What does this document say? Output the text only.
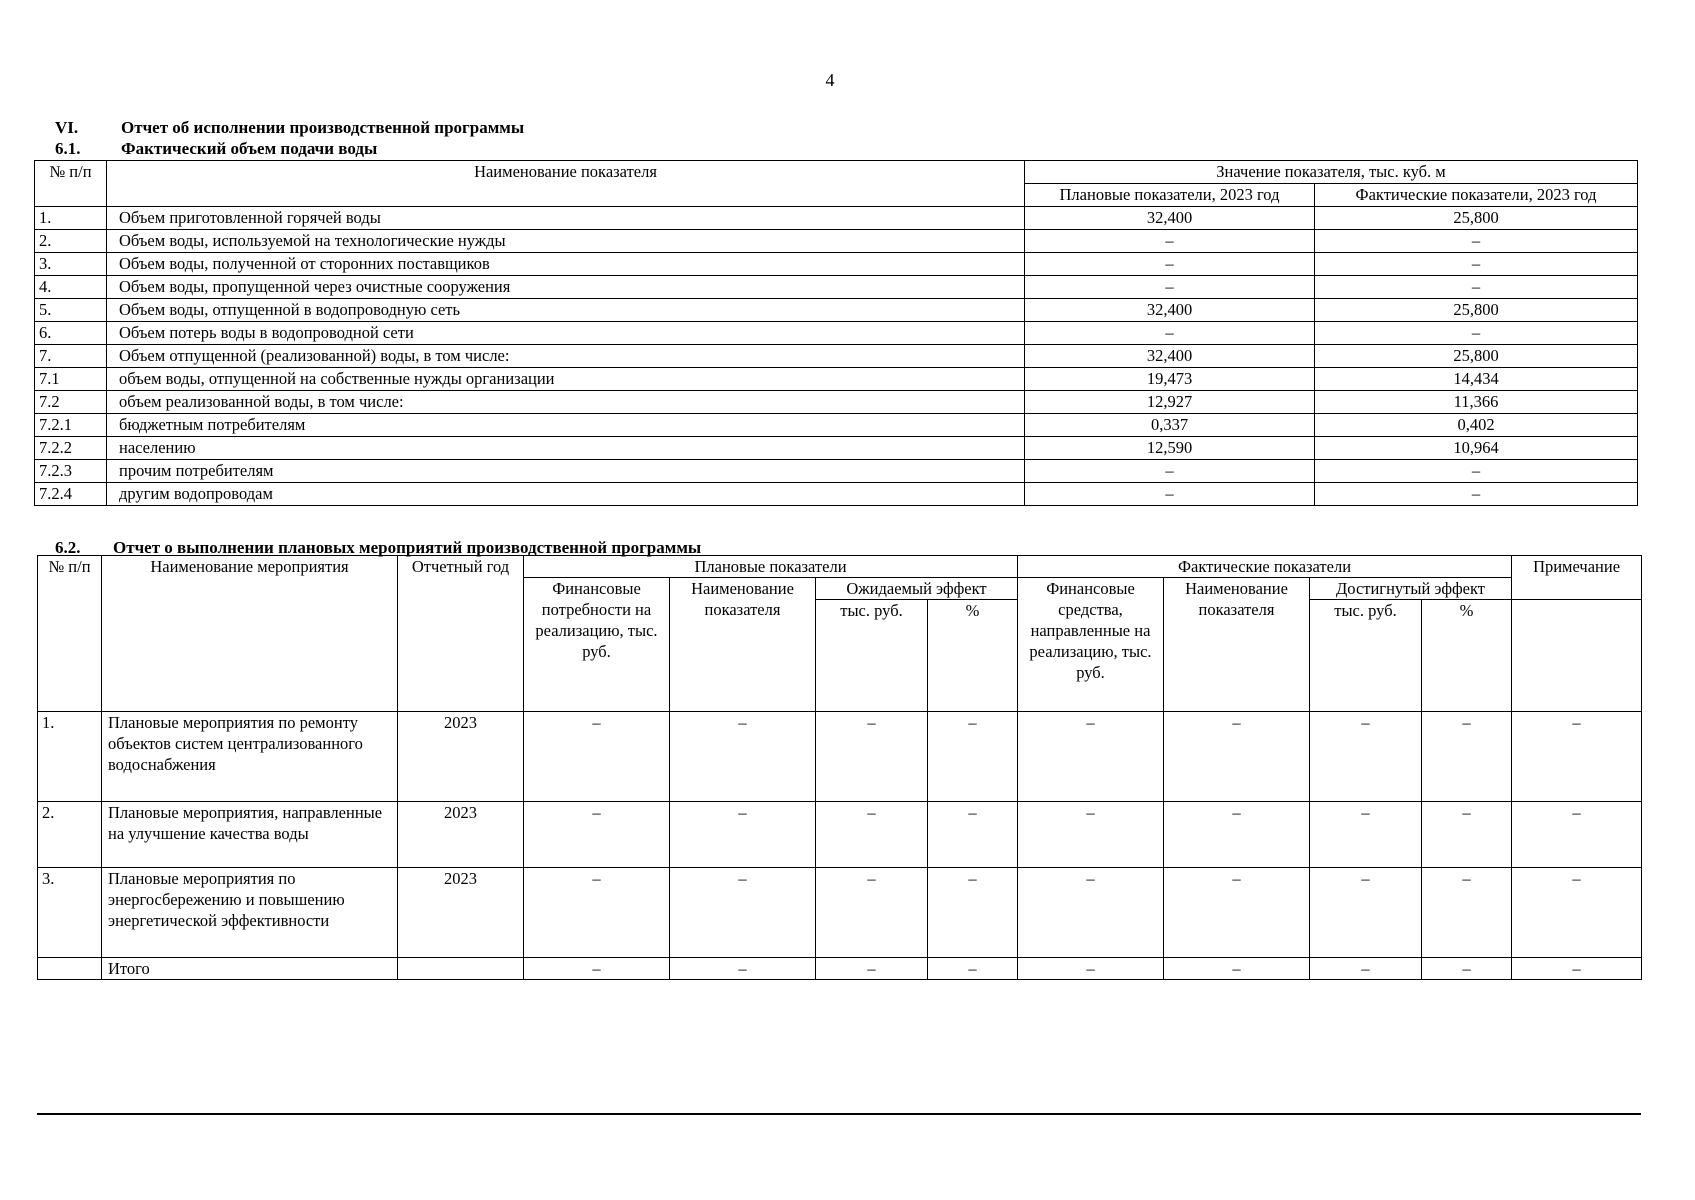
4
VI.	Отчет об исполнении производственной программы
6.1. Фактический объем подачи воды
№ п/п	Наименование показателя	Значение показателя, тыс. куб. м	
		Плановые показатели, 2023 год	Фактические показатели, 2023 год
1.	Объем приготовленной горячей воды	32,400	25,800
2.	Объем воды, используемой на технологические нужды	–	–
3.	Объем воды, полученной от сторонних поставщиков	–	–
4.	Объем воды, пропущенной через очистные сооружения	–	–
5.	Объем воды, отпущенной в водопроводную сеть	32,400	25,800
6.	Объем потерь воды в водопроводной сети	–	–
7.	Объем отпущенной (реализованной) воды, в том числе:	32,400	25,800
7.1	объем воды, отпущенной на собственные нужды организации	19,473	14,434
7.2	объем реализованной воды, в том числе:	12,927	11,366
7.2.1	бюджетным потребителям	0,337	0,402
7.2.2	населению	12,590	10,964
7.2.3	прочим потребителям	–	–
7.2.4	другим водопроводам	–	–
6.2. Отчет о выполнении плановых мероприятий производственной программы
№ п/п	Наименование мероприятия	Отчетный год	Плановые показатели				Фактические показатели				Примечание
			Финансовые потребности на реализацию, тыс. руб.	Наименование показателя	Ожидаемый эффект		Финансовые средства, направленные на реализацию, тыс. руб.	Наименование показателя	Достигнутый эффект		
					тыс. руб.	%			тыс. руб.	%	
1.	Плановые мероприятия по ремонту объектов систем централизованного водоснабжения	2023	–	–	–	–	–	–	–	–	–
2.	Плановые мероприятия, направленные на улучшение качества воды	2023	–	–	–	–	–	–	–	–	–
3.	Плановые мероприятия по энергосбережению и повышению энергетической эффективности	2023	–	–	–	–	–	–	–	–	–
	Итого		–	–	–	–	–	–	–	–	–
